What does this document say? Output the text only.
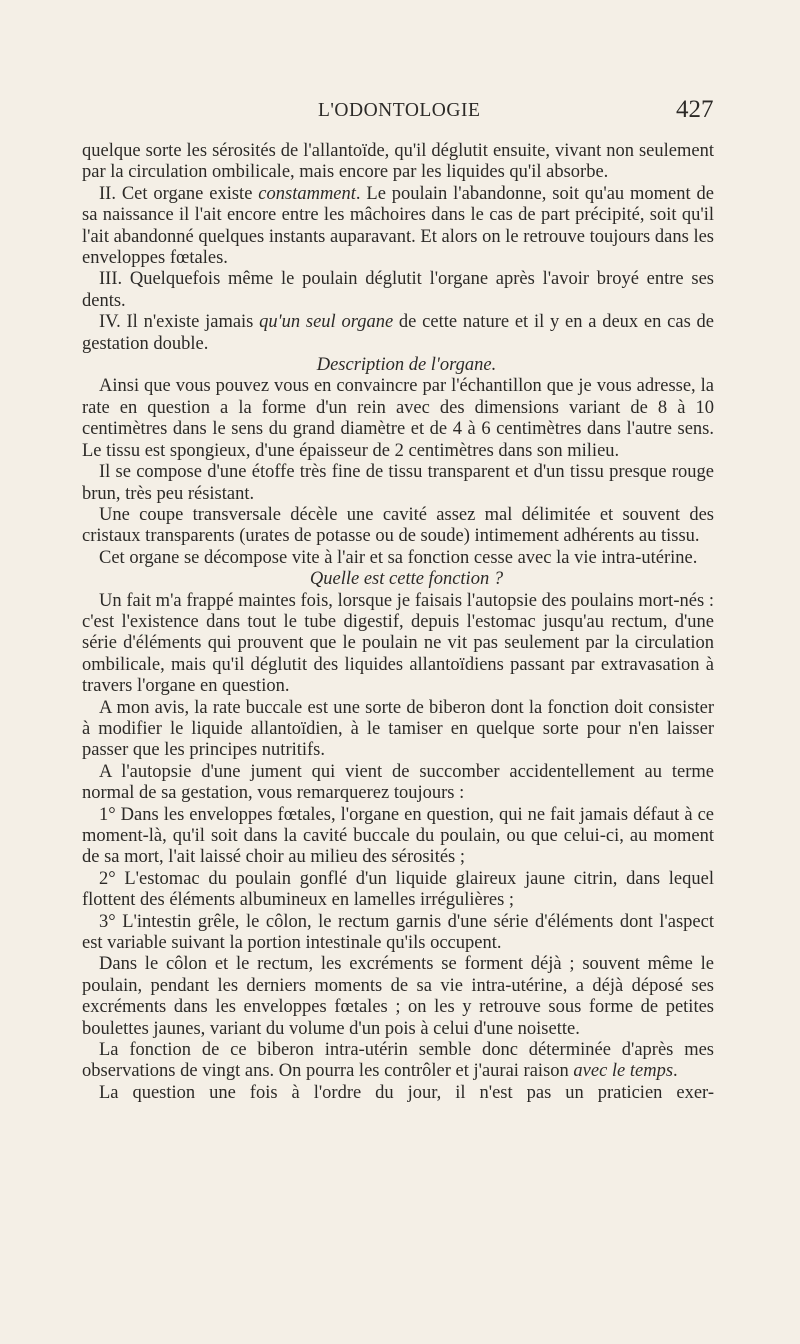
L'ODONTOLOGIE	427

quelque sorte les sérosités de l'allantoïde, qu'il déglutit ensuite, vivant non seulement par la circulation ombilicale, mais encore par les liquides qu'il absorbe.

II. Cet organe existe constamment. Le poulain l'abandonne, soit qu'au moment de sa naissance il l'ait encore entre les mâchoires dans le cas de part précipité, soit qu'il l'ait abandonné quelques instants auparavant. Et alors on le retrouve toujours dans les enveloppes fœtales.

III. Quelquefois même le poulain déglutit l'organe après l'avoir broyé entre ses dents.

IV. Il n'existe jamais qu'un seul organe de cette nature et il y en a deux en cas de gestation double.

Description de l'organe.

Ainsi que vous pouvez vous en convaincre par l'échantillon que je vous adresse, la rate en question a la forme d'un rein avec des dimensions variant de 8 à 10 centimètres dans le sens du grand diamètre et de 4 à 6 centimètres dans l'autre sens. Le tissu est spongieux, d'une épaisseur de 2 centimètres dans son milieu.

Il se compose d'une étoffe très fine de tissu transparent et d'un tissu presque rouge brun, très peu résistant.

Une coupe transversale décèle une cavité assez mal délimitée et souvent des cristaux transparents (urates de potasse ou de soude) intimement adhérents au tissu.

Cet organe se décompose vite à l'air et sa fonction cesse avec la vie intra-utérine.

Quelle est cette fonction ?

Un fait m'a frappé maintes fois, lorsque je faisais l'autopsie des poulains mort-nés : c'est l'existence dans tout le tube digestif, depuis l'estomac jusqu'au rectum, d'une série d'éléments qui prouvent que le poulain ne vit pas seulement par la circulation ombilicale, mais qu'il déglutit des liquides allantoïdiens passant par extravasation à travers l'organe en question.

A mon avis, la rate buccale est une sorte de biberon dont la fonction doit consister à modifier le liquide allantoïdien, à le tamiser en quelque sorte pour n'en laisser passer que les principes nutritifs.

A l'autopsie d'une jument qui vient de succomber accidentellement au terme normal de sa gestation, vous remarquerez toujours :

1° Dans les enveloppes fœtales, l'organe en question, qui ne fait jamais défaut à ce moment-là, qu'il soit dans la cavité buccale du poulain, ou que celui-ci, au moment de sa mort, l'ait laissé choir au milieu des sérosités ;

2° L'estomac du poulain gonflé d'un liquide glaireux jaune citrin, dans lequel flottent des éléments albumineux en lamelles irrégulières ;

3° L'intestin grêle, le côlon, le rectum garnis d'une série d'éléments dont l'aspect est variable suivant la portion intestinale qu'ils occupent.

Dans le côlon et le rectum, les excréments se forment déjà ; souvent même le poulain, pendant les derniers moments de sa vie intra-utérine, a déjà déposé ses excréments dans les enveloppes fœtales ; on les y retrouve sous forme de petites boulettes jaunes, variant du volume d'un pois à celui d'une noisette.

La fonction de ce biberon intra-utérin semble donc déterminée d'après mes observations de vingt ans. On pourra les contrôler et j'aurai raison avec le temps.

La question une fois à l'ordre du jour, il n'est pas un praticien exer-
